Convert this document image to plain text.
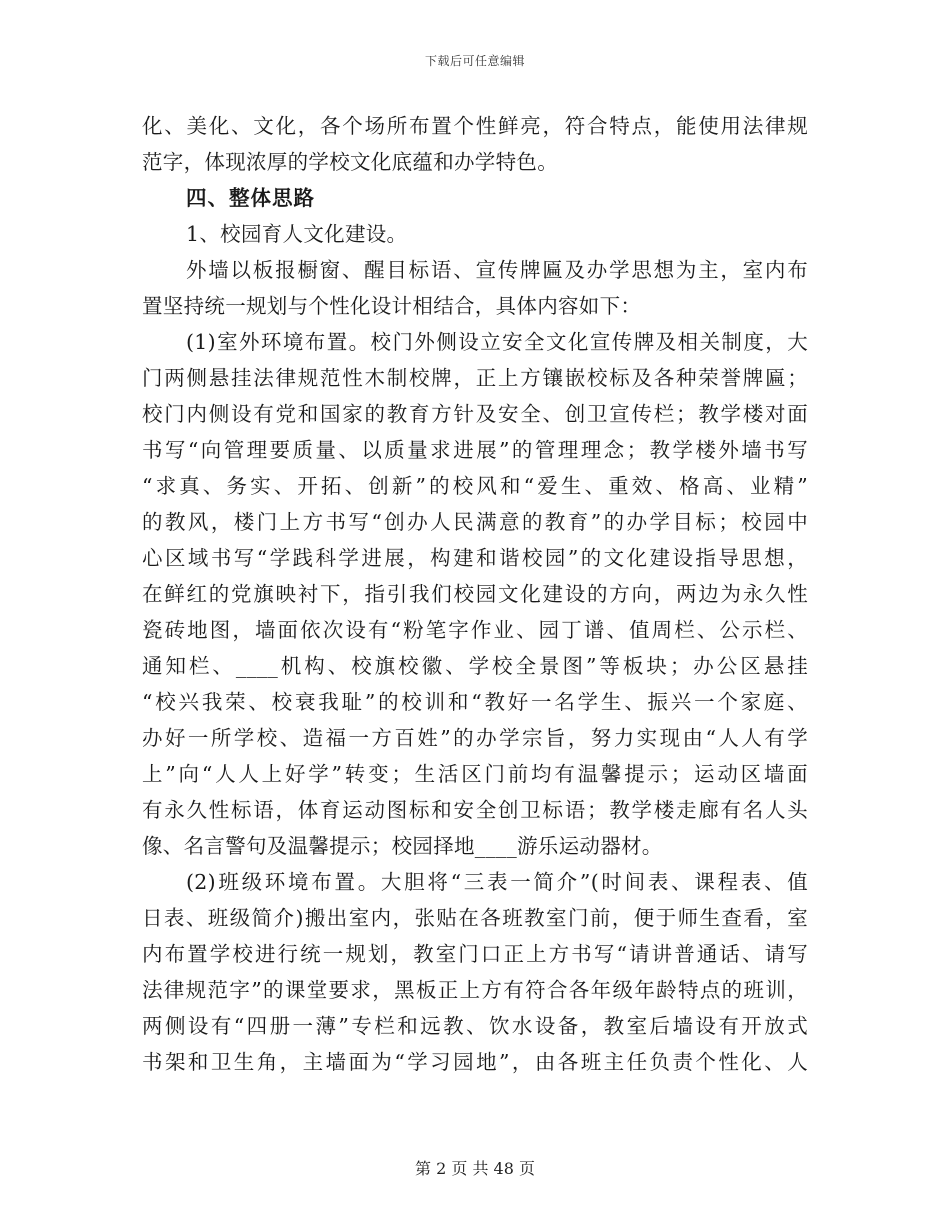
下载后可任意编辑
化、美化、文化，各个场所布置个性鲜亮，符合特点，能使用法律规
范字，体现浓厚的学校文化底蕴和办学特色。
四、整体思路
1、校园育人文化建设。
外墙以板报橱窗、醒目标语、宣传牌匾及办学思想为主，室内布
置坚持统一规划与个性化设计相结合，具体内容如下：
(1)室外环境布置。校门外侧设立安全文化宣传牌及相关制度，大
门两侧悬挂法律规范性木制校牌，正上方镶嵌校标及各种荣誉牌匾；
校门内侧设有党和国家的教育方针及安全、创卫宣传栏；教学楼对面
书写“向管理要质量、以质量求进展”的管理理念；教学楼外墙书写
“求真、务实、开拓、创新”的校风和“爱生、重效、格高、业精”
的教风，楼门上方书写“创办人民满意的教育”的办学目标；校园中
心区域书写“学践科学进展，构建和谐校园”的文化建设指导思想，
在鲜红的党旗映衬下，指引我们校园文化建设的方向，两边为永久性
瓷砖地图，墙面依次设有“粉笔字作业、园丁谱、值周栏、公示栏、
通知栏、____机构、校旗校徽、学校全景图”等板块；办公区悬挂
“校兴我荣、校衰我耻”的校训和“教好一名学生、振兴一个家庭、
办好一所学校、造福一方百姓”的办学宗旨，努力实现由“人人有学
上”向“人人上好学”转变；生活区门前均有温馨提示；运动区墙面
有永久性标语，体育运动图标和安全创卫标语；教学楼走廊有名人头
像、名言警句及温馨提示；校园择地____游乐运动器材。
(2)班级环境布置。大胆将“三表一简介”(时间表、课程表、值
日表、班级简介)搬出室内，张贴在各班教室门前，便于师生查看，室
内布置学校进行统一规划，教室门口正上方书写“请讲普通话、请写
法律规范字”的课堂要求，黑板正上方有符合各年级年龄特点的班训，
两侧设有“四册一薄”专栏和远教、饮水设备，教室后墙设有开放式
书架和卫生角，主墙面为“学习园地”，由各班主任负责个性化、人
第 2 页 共 48 页
